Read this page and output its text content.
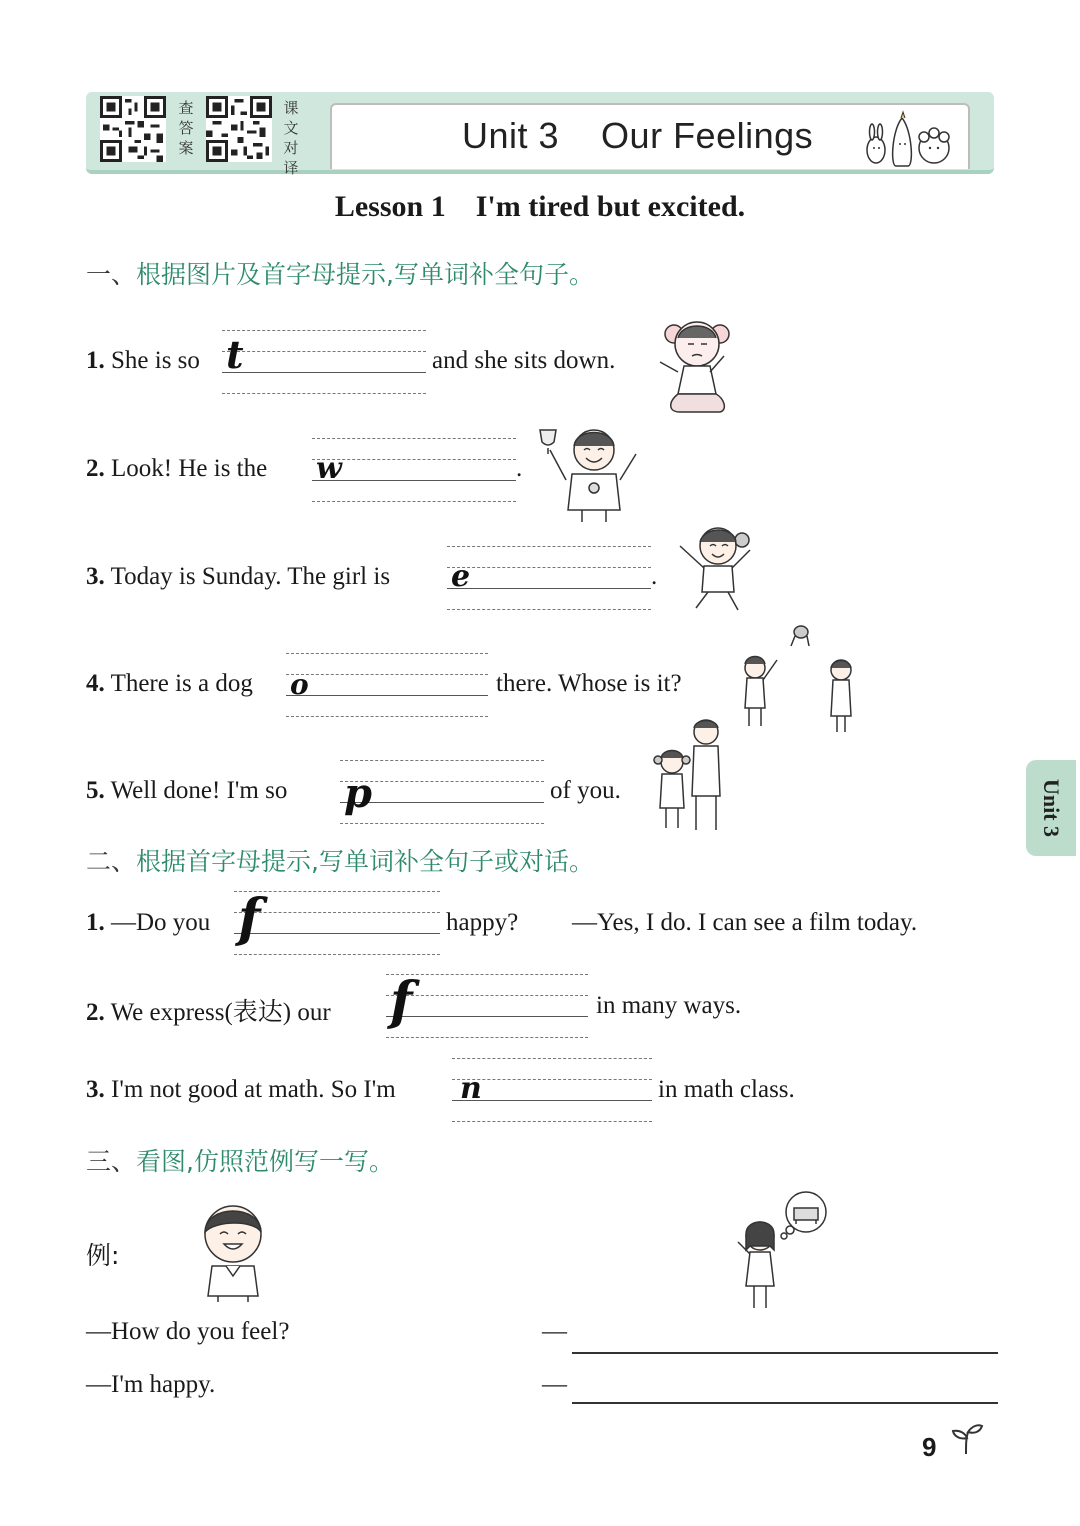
查答案
课文对译
Unit 3    Our Feelings
Lesson 1    I'm tired but excited.
一、根据图片及首字母提示,写单词补全句子。
1. She is so t	and she sits down.
2. Look! He is the w	.
3. Today is Sunday. The girl is e	.
4. There is a dog o	there. Whose is it?
5. Well done! I'm so p	of you.
二、根据首字母提示,写单词补全句子或对话。
1. —Do you f	happy? —Yes, I do. I can see a film today.
2. We express(表达) our f	in many ways.
3. I'm not good at math. So I'm n	in math class.
三、看图,仿照范例写一写。
例:
—How do you feel?
—I'm happy.
—
—
Unit 3
9
